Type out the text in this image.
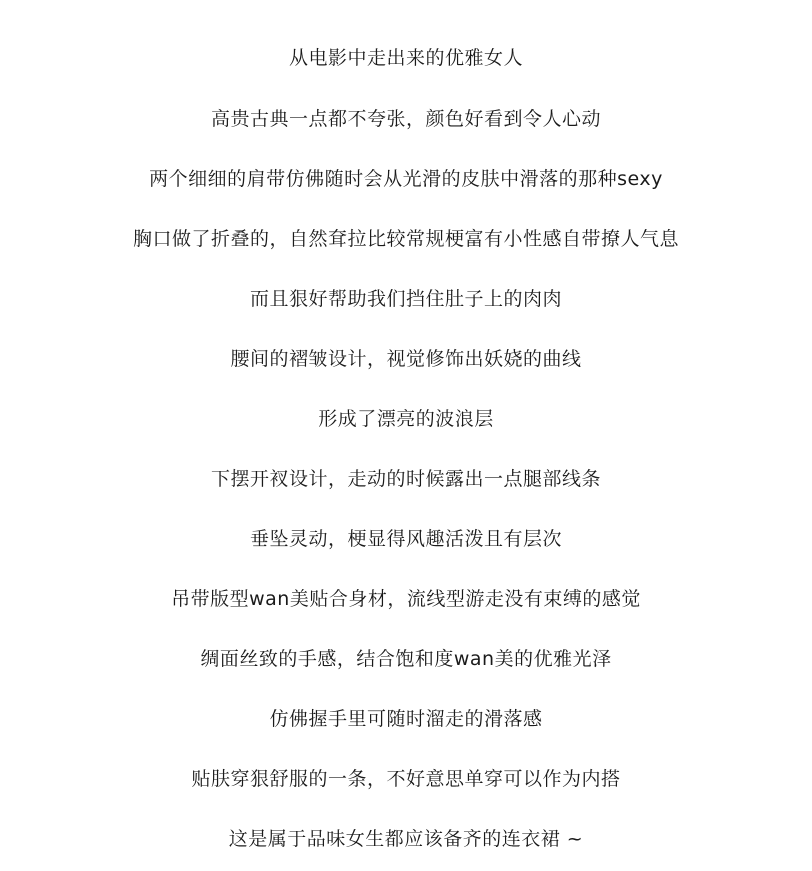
从电影中走出来的优雅女人
高贵古典一点都不夸张，颜色好看到令人心动
两个细细的肩带仿佛随时会从光滑的皮肤中滑落的那种sexy
胸口做了折叠的，自然耷拉比较常规梗富有小性感自带撩人气息
而且狠好帮助我们挡住肚子上的肉肉
腰间的褶皱设计，视觉修饰出妖娆的曲线
形成了漂亮的波浪层
下摆开衩设计，走动的时候露出一点腿部线条
垂坠灵动，梗显得风趣活泼且有层次
吊带版型wan美贴合身材，流线型游走没有束缚的感觉
绸面丝致的手感，结合饱和度wan美的优雅光泽
仿佛握手里可随时溜走的滑落感
贴肤穿狠舒服的一条，不好意思单穿可以作为内搭
这是属于品味女生都应该备齐的连衣裙 ~
